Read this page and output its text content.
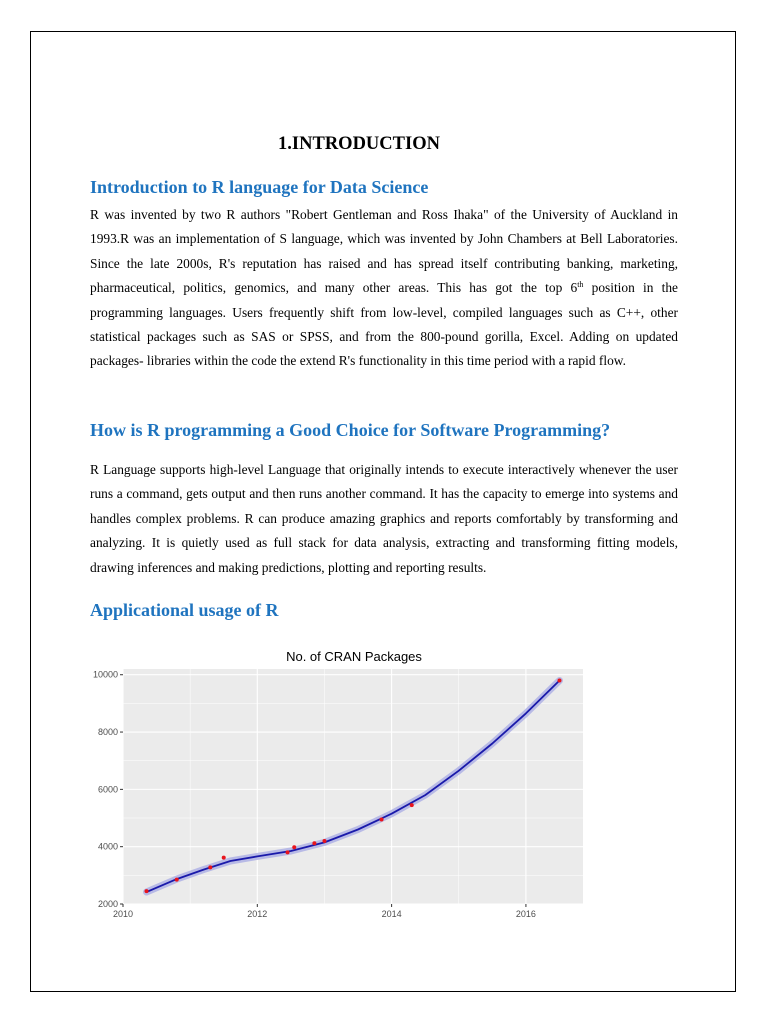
1.INTRODUCTION
Introduction to R language for Data Science

R was invented by two R authors "Robert Gentleman and Ross Ihaka" of the University of Auckland in 1993.R was an implementation of S language, which was invented by John Chambers at Bell Laboratories. Since the late 2000s, R's reputation has raised and has spread itself contributing banking, marketing, pharmaceutical, politics, genomics, and many other areas. This has got the top 6th position in the programming languages. Users frequently shift from low-level, compiled languages such as C++, other statistical packages such as SAS or SPSS, and from the 800-pound gorilla, Excel. Adding on updated packages- libraries within the code the extend R's functionality in this time period with a rapid flow.

How is R programming a Good Choice for Software Programming?

R Language supports high-level Language that originally intends to execute interactively whenever the user runs a command, gets output and then runs another command. It has the capacity to emerge into systems and handles complex problems. R can produce amazing graphics and reports comfortably by transforming and analyzing. It is quietly used as full stack for data analysis, extracting and transforming fitting models, drawing inferences and making predictions, plotting and reporting results.

Applicational usage of R
No. of CRAN Packages
2010	2012	2014	2016
2000
4000
6000
8000
10000
